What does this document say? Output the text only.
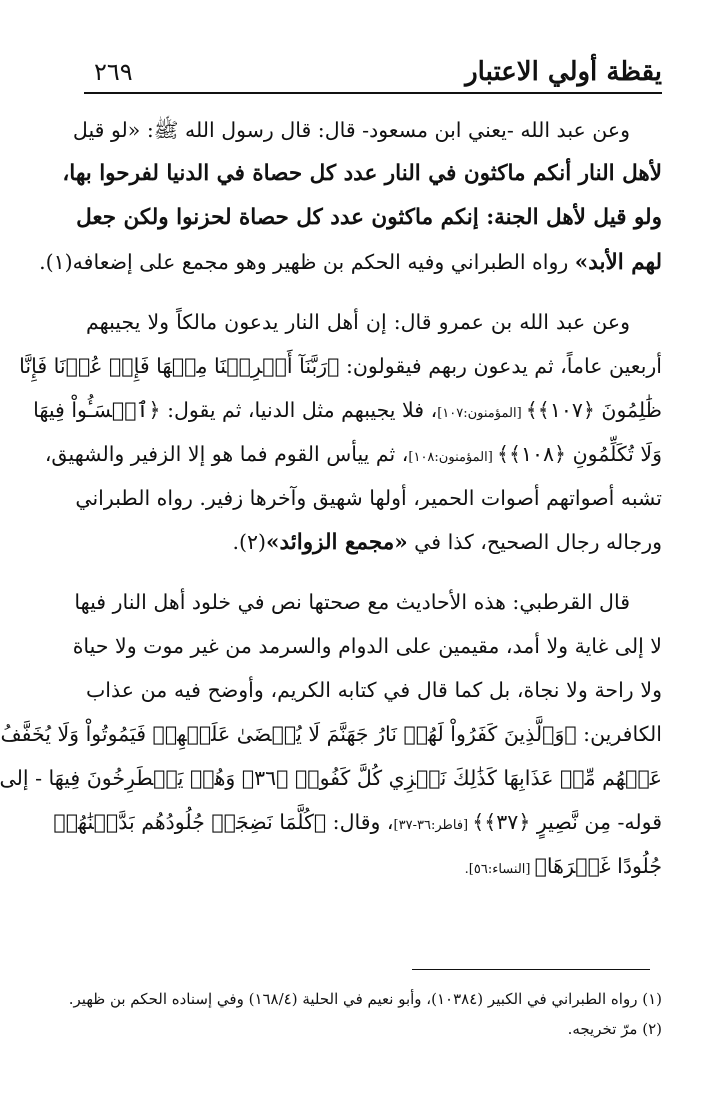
يقظة أولي الاعتبار
٢٦٩
وعن عبد الله -يعني ابن مسعود- قال: قال رسول الله ﷺ: «لو قيل
لأهل النار أنكم ماكثون في النار عدد كل حصاة في الدنيا لفرحوا بها،
ولو قيل لأهل الجنة: إنكم ماكثون عدد كل حصاة لحزنوا ولكن جعل
لهم الأبد» رواه الطبراني وفيه الحكم بن ظهير وهو مجمع على إضعافه(١).
وعن عبد الله بن عمرو قال: إن أهل النار يدعون مالكاً ولا يجيبهم
أربعين عاماً، ثم يدعون ربهم فيقولون: ﴿رَبَّنَآ أَخۡرِجۡنَا مِنۡهَا فَإِنۡ عُدۡنَا فَإِنَّا
ظَٰلِمُونَ ﴿١٠٧﴾﴾ [المؤمنون:١٠٧]، فلا يجيبهم مثل الدنيا، ثم يقول: ﴿ٱخۡسَـُٔواْ فِيهَا
وَلَا تُكَلِّمُونِ ﴿١٠٨﴾﴾ [المؤمنون:١٠٨]، ثم ييأس القوم فما هو إلا الزفير والشهيق،
تشبه أصواتهم أصوات الحمير، أولها شهيق وآخرها زفير. رواه الطبراني
ورجاله رجال الصحيح، كذا في «مجمع الزوائد»(٢).
قال القرطبي: هذه الأحاديث مع صحتها نص في خلود أهل النار فيها
لا إلى غاية ولا أمد، مقيمين على الدوام والسرمد من غير موت ولا حياة
ولا راحة ولا نجاة، بل كما قال في كتابه الكريم، وأوضح فيه من عذاب
الكافرين: ﴿وَٱلَّذِينَ كَفَرُواْ لَهُمۡ نَارُ جَهَنَّمَ لَا يُقۡضَىٰ عَلَيۡهِمۡ فَيَمُوتُواْ وَلَا يُخَفَّفُ
عَنۡهُم مِّنۡ عَذَابِهَا كَذَٰلِكَ نَجۡزِي كُلَّ كَفُورٖ ﴿٣٦﴾ وَهُمۡ يَصۡطَرِخُونَ فِيهَا - إلى
قوله- مِن نَّصِيرٍ ﴿٣٧﴾﴾ [فاطر:٣٦-٣٧]، وقال: ﴿كُلَّمَا نَضِجَتۡ جُلُودُهُم بَدَّلۡنَٰهُمۡ
جُلُودًا غَيۡرَهَا﴾ [النساء:٥٦].
(١) رواه الطبراني في الكبير (١٠٣٨٤)، وأبو نعيم في الحلية (١٦٨/٤) وفي إسناده الحكم بن ظهير.
(٢) مرّ تخريجه.
